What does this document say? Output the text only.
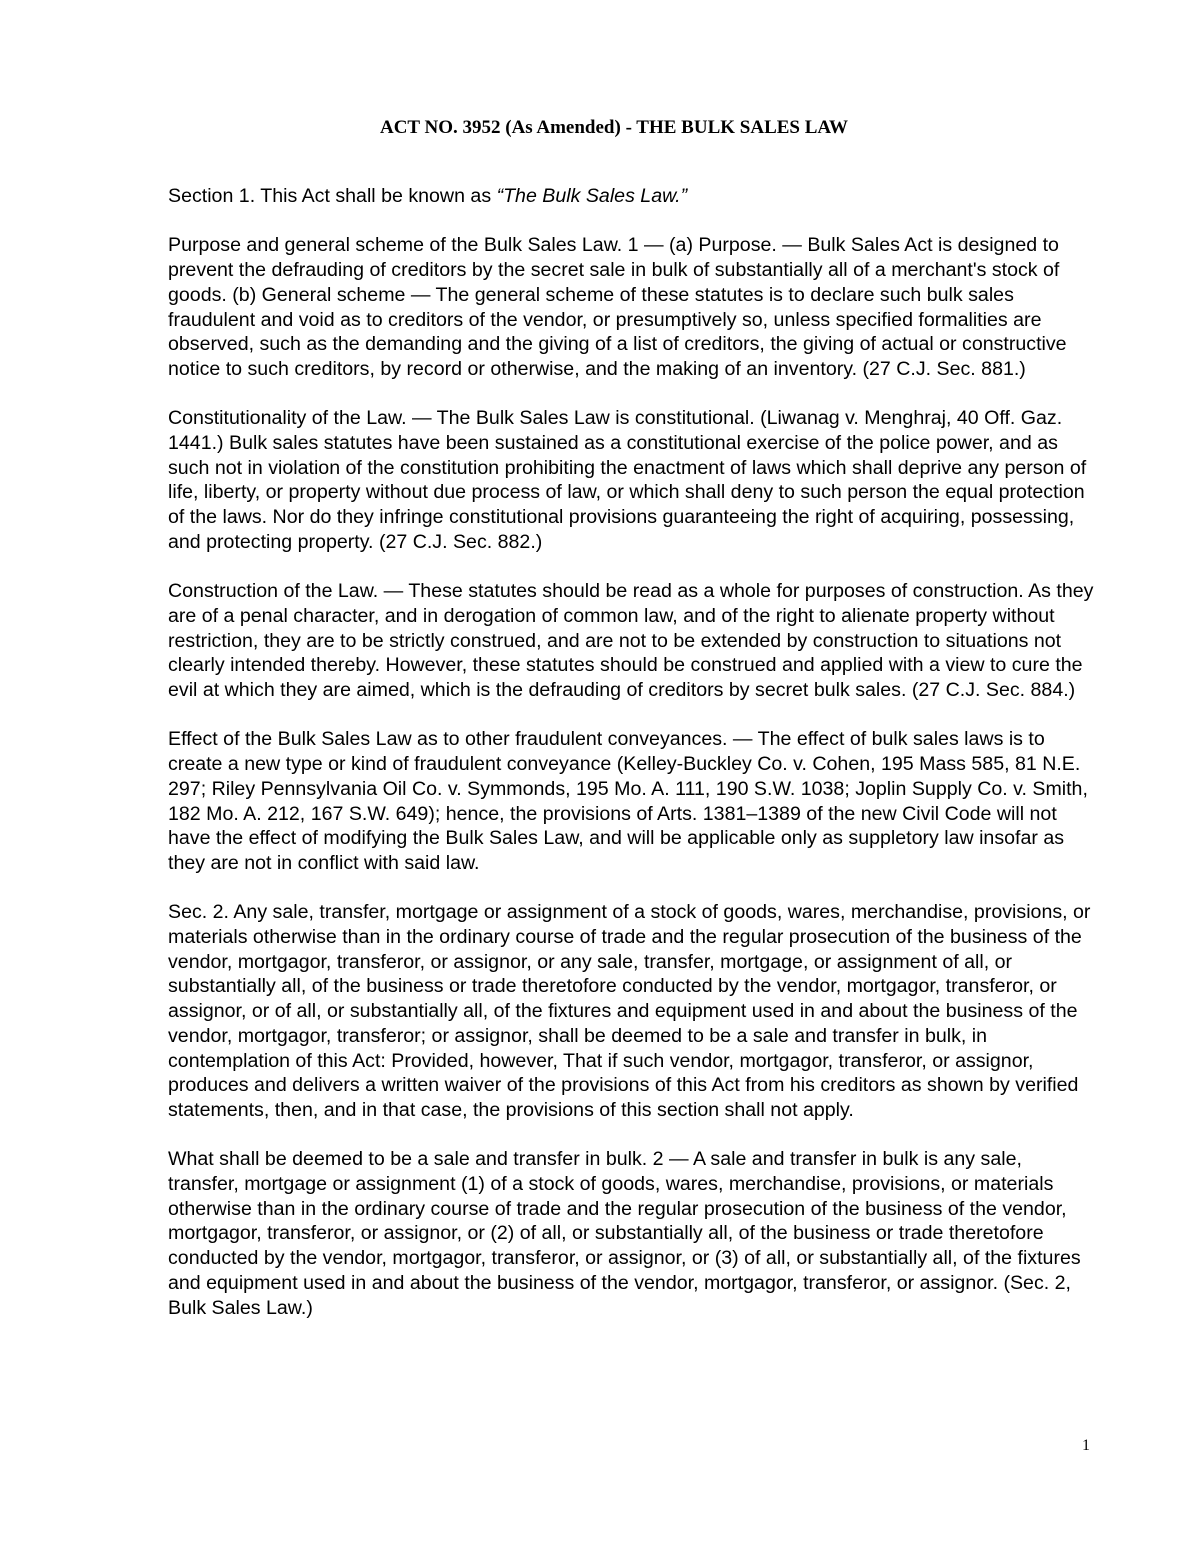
ACT NO. 3952 (As Amended) - THE BULK SALES LAW

Section 1. This Act shall be known as “The Bulk Sales Law.”

Purpose and general scheme of the Bulk Sales Law. 1 — (a) Purpose. — Bulk Sales Act is designed to prevent the defrauding of creditors by the secret sale in bulk of substantially all of a merchant's stock of goods. (b) General scheme — The general scheme of these statutes is to declare such bulk sales fraudulent and void as to creditors of the vendor, or presumptively so, unless specified formalities are observed, such as the demanding and the giving of a list of creditors, the giving of actual or constructive notice to such creditors, by record or otherwise, and the making of an inventory. (27 C.J. Sec. 881.)

Constitutionality of the Law. — The Bulk Sales Law is constitutional. (Liwanag v. Menghraj, 40 Off. Gaz. 1441.) Bulk sales statutes have been sustained as a constitutional exercise of the police power, and as such not in violation of the constitution prohibiting the enactment of laws which shall deprive any person of life, liberty, or property without due process of law, or which shall deny to such person the equal protection of the laws. Nor do they infringe constitutional provisions guaranteeing the right of acquiring, possessing, and protecting property. (27 C.J. Sec. 882.)

Construction of the Law. — These statutes should be read as a whole for purposes of construction. As they are of a penal character, and in derogation of common law, and of the right to alienate property without restriction, they are to be strictly construed, and are not to be extended by construction to situations not clearly intended thereby. However, these statutes should be construed and applied with a view to cure the evil at which they are aimed, which is the defrauding of creditors by secret bulk sales. (27 C.J. Sec. 884.)

Effect of the Bulk Sales Law as to other fraudulent conveyances. — The effect of bulk sales laws is to create a new type or kind of fraudulent conveyance (Kelley-Buckley Co. v. Cohen, 195 Mass 585, 81 N.E. 297; Riley Pennsylvania Oil Co. v. Symmonds, 195 Mo. A. 111, 190 S.W. 1038; Joplin Supply Co. v. Smith, 182 Mo. A. 212, 167 S.W. 649); hence, the provisions of Arts. 1381–1389 of the new Civil Code will not have the effect of modifying the Bulk Sales Law, and will be applicable only as suppletory law insofar as they are not in conflict with said law.

Sec. 2. Any sale, transfer, mortgage or assignment of a stock of goods, wares, merchandise, provisions, or materials otherwise than in the ordinary course of trade and the regular prosecution of the business of the vendor, mortgagor, transferor, or assignor, or any sale, transfer, mortgage, or assignment of all, or substantially all, of the business or trade theretofore conducted by the vendor, mortgagor, transferor, or assignor, or of all, or substantially all, of the fixtures and equipment used in and about the business of the vendor, mortgagor, transferor; or assignor, shall be deemed to be a sale and transfer in bulk, in contemplation of this Act: Provided, however, That if such vendor, mortgagor, transferor, or assignor, produces and delivers a written waiver of the provisions of this Act from his creditors as shown by verified statements, then, and in that case, the provisions of this section shall not apply.

What shall be deemed to be a sale and transfer in bulk. 2 — A sale and transfer in bulk is any sale, transfer, mortgage or assignment (1) of a stock of goods, wares, merchandise, provisions, or materials otherwise than in the ordinary course of trade and the regular prosecution of the business of the vendor, mortgagor, transferor, or assignor, or (2) of all, or substantially all, of the business or trade theretofore conducted by the vendor, mortgagor, transferor, or assignor, or (3) of all, or substantially all, of the fixtures and equipment used in and about the business of the vendor, mortgagor, transferor, or assignor. (Sec. 2, Bulk Sales Law.)

1
